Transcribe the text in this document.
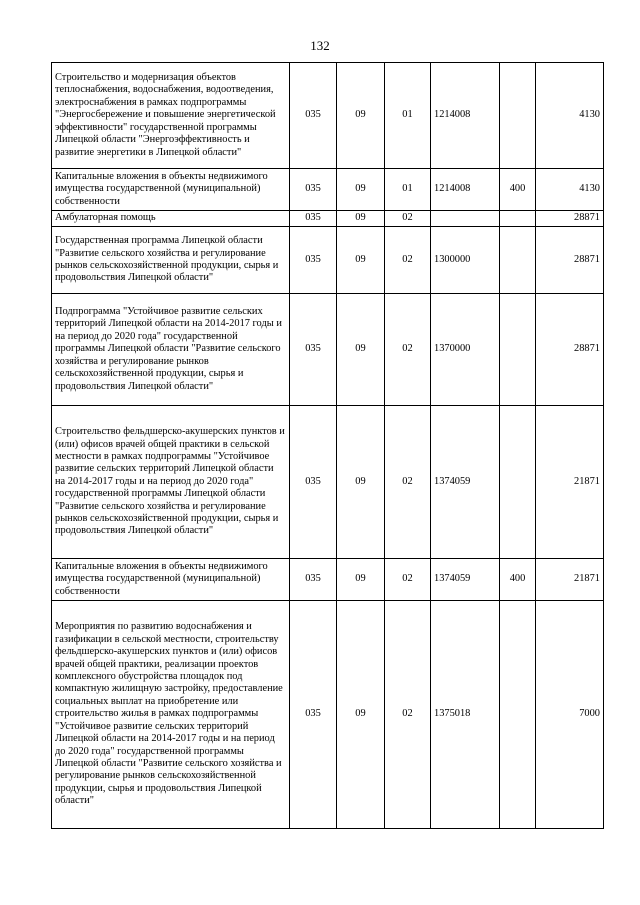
132
Строительство и модернизация объектов теплоснабжения, водоснабжения, водоотведения, электроснабжения в рамках подпрограммы "Энергосбережение и повышение энергетической эффективности" государственной программы Липецкой области "Энергоэффективность и развитие энергетики в Липецкой области"	035	09	01	1214008		4130
Капитальные вложения в объекты недвижимого имущества государственной (муниципальной) собственности	035	09	01	1214008	400	4130
Амбулаторная помощь	035	09	02			28871
Государственная программа Липецкой области "Развитие сельского хозяйства и регулирование рынков сельскохозяйственной продукции, сырья и продовольствия Липецкой области"	035	09	02	1300000		28871
Подпрограмма "Устойчивое развитие сельских территорий Липецкой области на 2014-2017 годы и на период до 2020 года" государственной программы Липецкой области "Развитие сельского хозяйства и регулирование рынков сельскохозяйственной продукции, сырья и продовольствия Липецкой области"	035	09	02	1370000		28871
Строительство фельдшерско-акушерских пунктов и (или) офисов врачей общей практики в сельской местности в рамках подпрограммы "Устойчивое развитие сельских территорий Липецкой области на 2014-2017 годы и на период до 2020 года" государственной программы Липецкой области "Развитие сельского хозяйства и регулирование рынков сельскохозяйственной продукции, сырья и продовольствия Липецкой области"	035	09	02	1374059		21871
Капитальные вложения в объекты недвижимого имущества государственной (муниципальной) собственности	035	09	02	1374059	400	21871
Мероприятия по развитию водоснабжения и газификации в сельской местности, строительству фельдшерско-акушерских пунктов и (или) офисов врачей общей практики, реализации проектов комплексного обустройства площадок под компактную жилищную застройку, предоставление социальных выплат на приобретение или строительство жилья в рамках подпрограммы "Устойчивое развитие сельских территорий Липецкой области на 2014-2017 годы и на период до 2020 года" государственной программы Липецкой области "Развитие сельского хозяйства и регулирование рынков сельскохозяйственной продукции, сырья и продовольствия Липецкой области"	035	09	02	1375018		7000
